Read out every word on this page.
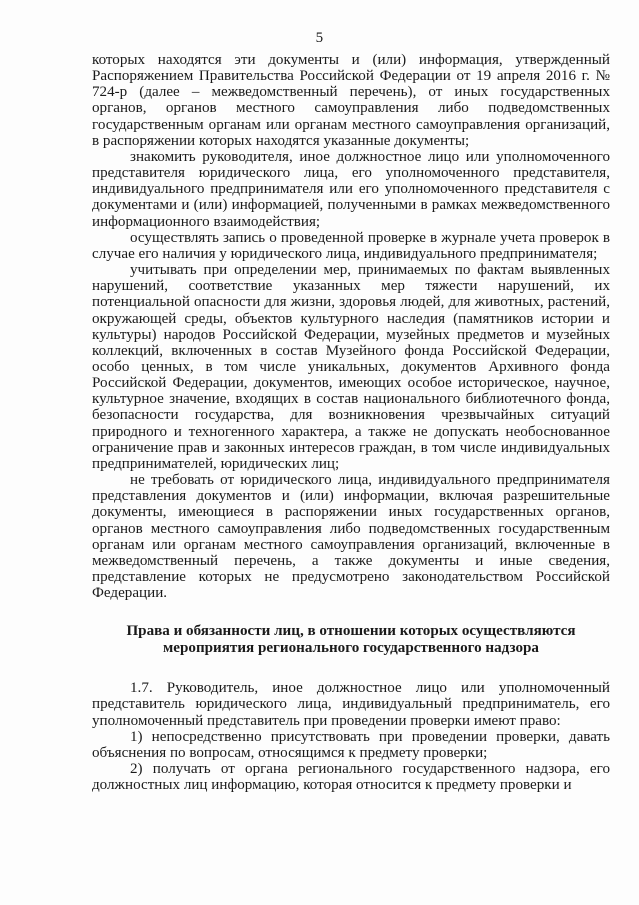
5

которых находятся эти документы и (или) информация, утвержденный Распоряжением Правительства Российской Федерации от 19 апреля 2016 г. № 724-р (далее – межведомственный перечень), от иных государственных органов, органов местного самоуправления либо подведомственных государственным органам или органам местного самоуправления организаций, в распоряжении которых находятся указанные документы;

знакомить руководителя, иное должностное лицо или уполномоченного представителя юридического лица, его уполномоченного представителя, индивидуального предпринимателя или его уполномоченного представителя с документами и (или) информацией, полученными в рамках межведомственного информационного взаимодействия;

осуществлять запись о проведенной проверке в журнале учета проверок в случае его наличия у юридического лица, индивидуального предпринимателя;

учитывать при определении мер, принимаемых по фактам выявленных нарушений, соответствие указанных мер тяжести нарушений, их потенциальной опасности для жизни, здоровья людей, для животных, растений, окружающей среды, объектов культурного наследия (памятников истории и культуры) народов Российской Федерации, музейных предметов и музейных коллекций, включенных в состав Музейного фонда Российской Федерации, особо ценных, в том числе уникальных, документов Архивного фонда Российской Федерации, документов, имеющих особое историческое, научное, культурное значение, входящих в состав национального библиотечного фонда, безопасности государства, для возникновения чрезвычайных ситуаций природного и техногенного характера, а также не допускать необоснованное ограничение прав и законных интересов граждан, в том числе индивидуальных предпринимателей, юридических лиц;

не требовать от юридического лица, индивидуального предпринимателя представления документов и (или) информации, включая разрешительные документы, имеющиеся в распоряжении иных государственных органов, органов местного самоуправления либо подведомственных государственным органам или органам местного самоуправления организаций, включенные в межведомственный перечень, а также документы и иные сведения, представление которых не предусмотрено законодательством Российской Федерации.

Права и обязанности лиц, в отношении которых осуществляются
мероприятия регионального государственного надзора

1.7. Руководитель, иное должностное лицо или уполномоченный представитель юридического лица, индивидуальный предприниматель, его уполномоченный представитель при проведении проверки имеют право:

1) непосредственно присутствовать при проведении проверки, давать объяснения по вопросам, относящимся к предмету проверки;

2) получать от органа регионального государственного надзора, его должностных лиц информацию, которая относится к предмету проверки и
